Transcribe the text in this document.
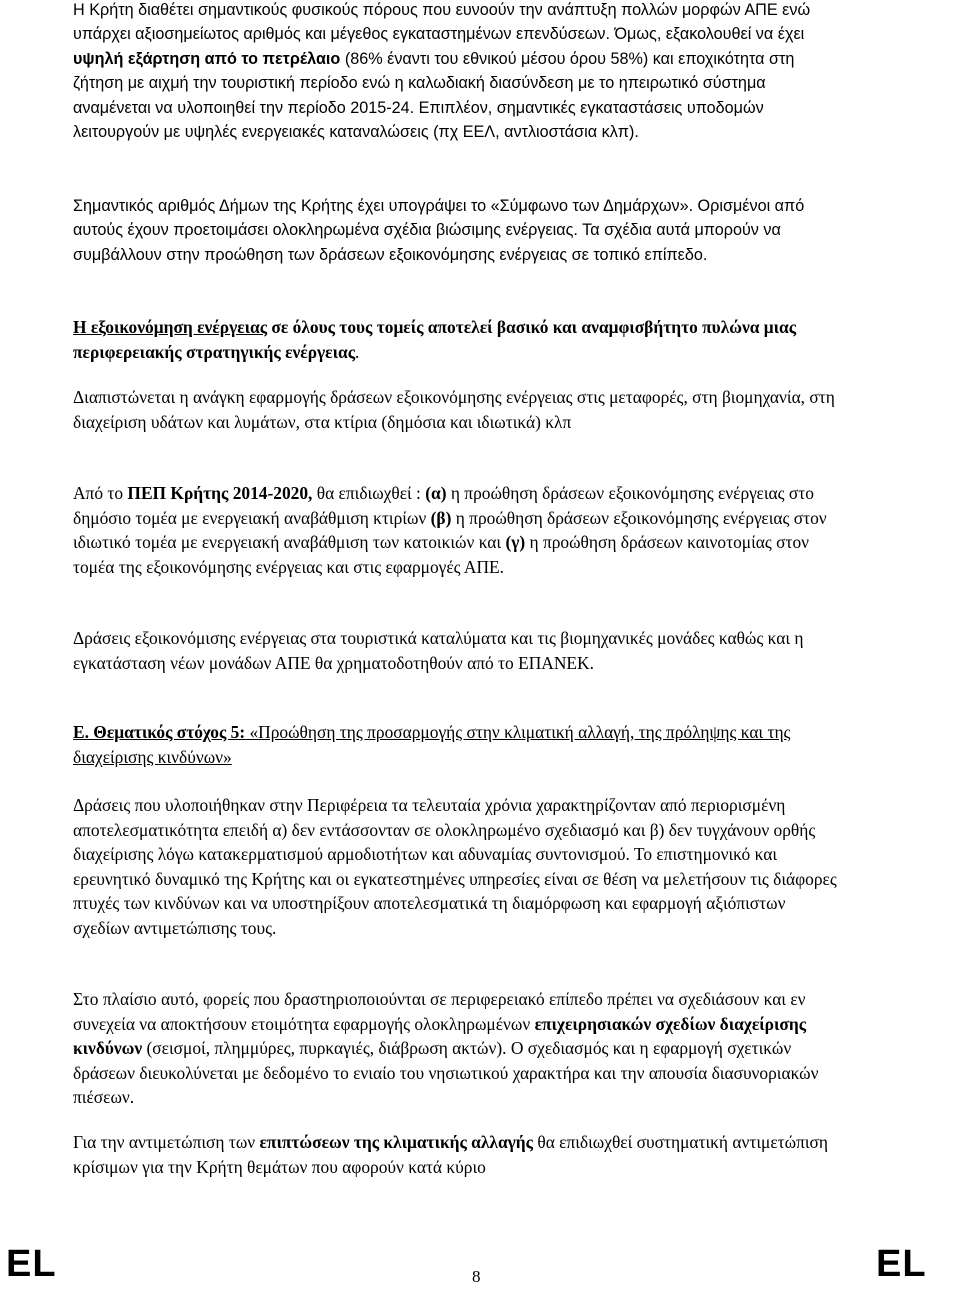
Η Κρήτη διαθέτει σημαντικούς φυσικούς πόρους που ευνοούν την ανάπτυξη πολλών μορφών ΑΠΕ ενώ υπάρχει αξιοσημείωτος αριθμός και μέγεθος εγκαταστημένων επενδύσεων. Όμως, εξακολουθεί να έχει υψηλή εξάρτηση από το πετρέλαιο (86% έναντι του εθνικού μέσου όρου 58%) και εποχικότητα στη ζήτηση με αιχμή την τουριστική περίοδο ενώ η καλωδιακή διασύνδεση με το ηπειρωτικό σύστημα αναμένεται να υλοποιηθεί την περίοδο 2015-24. Επιπλέον, σημαντικές εγκαταστάσεις υποδομών λειτουργούν με υψηλές ενεργειακές καταναλώσεις (πχ ΕΕΛ, αντλιοστάσια κλπ).

Σημαντικός αριθμός Δήμων της Κρήτης έχει υπογράψει το «Σύμφωνο των Δημάρχων». Ορισμένοι από αυτούς έχουν προετοιμάσει ολοκληρωμένα σχέδια βιώσιμης ενέργειας. Τα σχέδια αυτά μπορούν να συμβάλλουν στην προώθηση των δράσεων εξοικονόμησης ενέργειας σε τοπικό επίπεδο.

Η εξοικονόμηση ενέργειας σε όλους τους τομείς αποτελεί βασικό και αναμφισβήτητο πυλώνα μιας περιφερειακής στρατηγικής ενέργειας.

Διαπιστώνεται η ανάγκη εφαρμογής δράσεων εξοικονόμησης ενέργειας στις μεταφορές, στη βιομηχανία, στη διαχείριση υδάτων και λυμάτων, στα κτίρια (δημόσια και ιδιωτικά) κλπ

Από το ΠΕΠ Κρήτης 2014-2020, θα επιδιωχθεί : (α) η προώθηση δράσεων εξοικονόμησης ενέργειας στο δημόσιο τομέα με ενεργειακή αναβάθμιση κτιρίων (β) η προώθηση δράσεων εξοικονόμησης ενέργειας στον ιδιωτικό τομέα με ενεργειακή αναβάθμιση των κατοικιών και (γ) η προώθηση δράσεων καινοτομίας στον τομέα της εξοικονόμησης ενέργειας και στις εφαρμογές ΑΠΕ.

Δράσεις εξοικονόμισης ενέργειας στα τουριστικά καταλύματα και τις βιομηχανικές μονάδες καθώς και η εγκατάσταση νέων μονάδων ΑΠΕ θα χρηματοδοτηθούν από το ΕΠΑΝΕΚ.

Ε. Θεματικός στόχος 5: «Προώθηση της προσαρμογής στην κλιματική αλλαγή, της πρόληψης και της διαχείρισης κινδύνων»

Δράσεις που υλοποιήθηκαν στην Περιφέρεια τα τελευταία χρόνια χαρακτηρίζονταν από περιορισμένη αποτελεσματικότητα επειδή α) δεν εντάσσονταν σε ολοκληρωμένο σχεδιασμό και β) δεν τυγχάνουν ορθής διαχείρισης λόγω κατακερματισμού αρμοδιοτήτων και αδυναμίας συντονισμού. Το επιστημονικό και ερευνητικό δυναμικό της Κρήτης και οι εγκατεστημένες υπηρεσίες είναι σε θέση να μελετήσουν τις διάφορες πτυχές των κινδύνων και να υποστηρίξουν αποτελεσματικά τη διαμόρφωση και εφαρμογή αξιόπιστων σχεδίων αντιμετώπισης τους.

Στο πλαίσιο αυτό, φορείς που δραστηριοποιούνται σε περιφερειακό επίπεδο πρέπει να σχεδιάσουν και εν συνεχεία να αποκτήσουν ετοιμότητα εφαρμογής ολοκληρωμένων επιχειρησιακών σχεδίων διαχείρισης κινδύνων (σεισμοί, πλημμύρες, πυρκαγιές, διάβρωση ακτών). Ο σχεδιασμός και η εφαρμογή σχετικών δράσεων διευκολύνεται με δεδομένο το ενιαίο του νησιωτικού χαρακτήρα και την απουσία διασυνοριακών πιέσεων.

Για την αντιμετώπιση των επιπτώσεων της κλιματικής αλλαγής θα επιδιωχθεί συστηματική αντιμετώπιση κρίσιμων για την Κρήτη θεμάτων που αφορούν κατά κύριο

EL	8	EL
